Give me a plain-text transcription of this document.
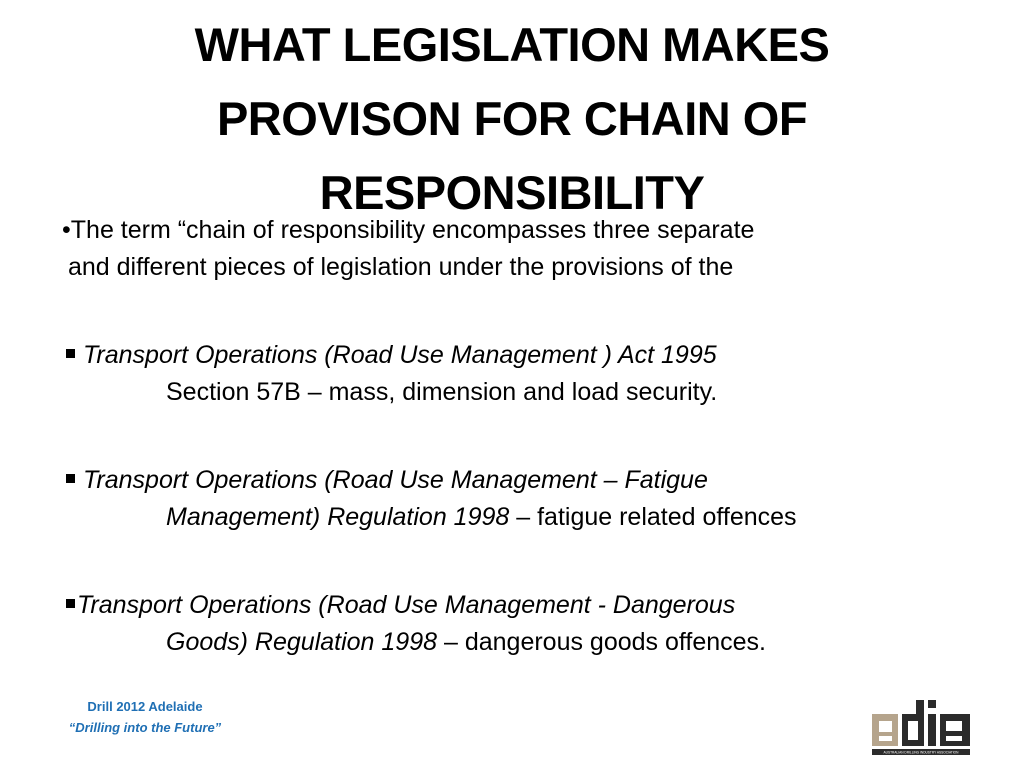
WHAT LEGISLATION MAKES
PROVISON FOR CHAIN OF
RESPONSIBILITY

•The term “chain of responsibility encompasses three separate
and different pieces of legislation under the provisions of the

Transport Operations (Road Use Management ) Act 1995
Section 57B – mass, dimension and load security.

Transport Operations (Road Use Management – Fatigue
Management) Regulation 1998 – fatigue related offences

Transport Operations (Road Use Management - Dangerous
Goods) Regulation 1998 – dangerous goods offences.

Drill 2012 Adelaide
“Drilling into the Future”
AUSTRALIAN DRILLING INDUSTRY ASSOCIATION
